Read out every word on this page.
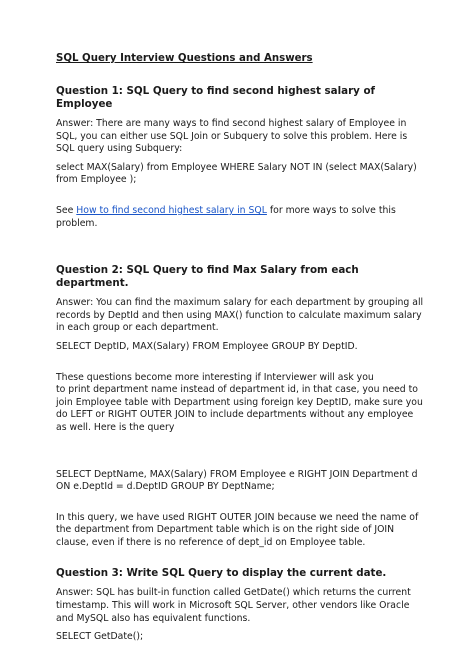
SQL Query Interview Questions and Answers
Question 1: SQL Query to find second highest salary of Employee
Answer: There are many ways to find second highest salary of Employee in SQL, you can either use SQL Join or Subquery to solve this problem. Here is SQL query using Subquery:
select MAX(Salary) from Employee WHERE Salary NOT IN (select MAX(Salary) from Employee );
See How to find second highest salary in SQL for more ways to solve this problem.
Question 2: SQL Query to find Max Salary from each department.
Answer: You can find the maximum salary for each department by grouping all records by DeptId and then using MAX() function to calculate maximum salary in each group or each department.
SELECT DeptID, MAX(Salary) FROM Employee GROUP BY DeptID.
These questions become more interesting if Interviewer will ask you
to print department name instead of department id, in that case, you need to join Employee table with Department using foreign key DeptID, make sure you do LEFT or RIGHT OUTER JOIN to include departments without any employee as well. Here is the query
SELECT DeptName, MAX(Salary) FROM Employee e RIGHT JOIN Department d ON e.DeptId = d.DeptID GROUP BY DeptName;
In this query, we have used RIGHT OUTER JOIN because we need the name of the department from Department table which is on the right side of JOIN clause, even if there is no reference of dept_id on Employee table.
Question 3: Write SQL Query to display the current date.
Answer: SQL has built-in function called GetDate() which returns the current timestamp. This will work in Microsoft SQL Server, other vendors like Oracle and MySQL also has equivalent functions.
SELECT GetDate();
